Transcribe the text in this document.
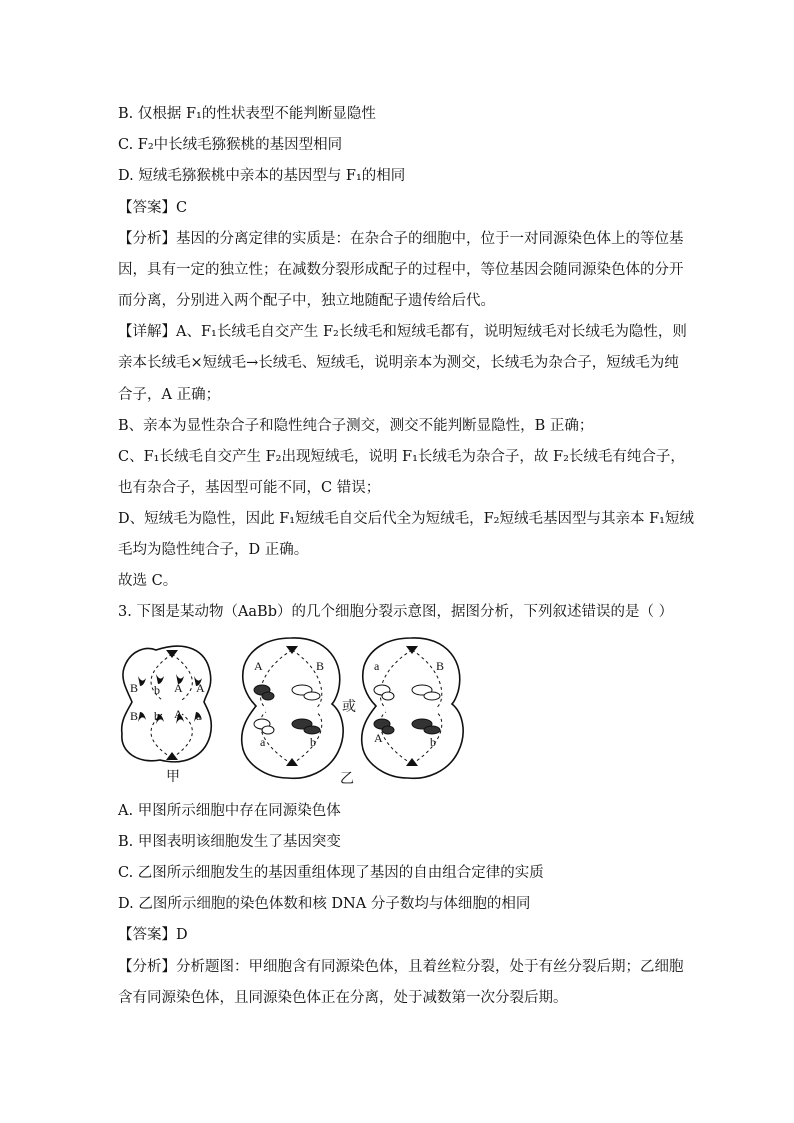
B. 仅根据 F₁的性状表型不能判断显隐性
C. F₂中长绒毛猕猴桃的基因型相同
D. 短绒毛猕猴桃中亲本的基因型与 F₁的相同
【答案】C
【分析】基因的分离定律的实质是：在杂合子的细胞中，位于一对同源染色体上的等位基
因，具有一定的独立性；在减数分裂形成配子的过程中，等位基因会随同源染色体的分开
而分离，分别进入两个配子中，独立地随配子遗传给后代。
【详解】A、F₁长绒毛自交产生 F₂长绒毛和短绒毛都有，说明短绒毛对长绒毛为隐性，则
亲本长绒毛×短绒毛→长绒毛、短绒毛，说明亲本为测交，长绒毛为杂合子，短绒毛为纯
合子，A 正确；
B、亲本为显性杂合子和隐性纯合子测交，测交不能判断显隐性，B 正确；
C、F₁长绒毛自交产生 F₂出现短绒毛，说明 F₁长绒毛为杂合子，故 F₂长绒毛有纯合子，
也有杂合子，基因型可能不同，C 错误；
D、短绒毛为隐性，因此 F₁短绒毛自交后代全为短绒毛，F₂短绒毛基因型与其亲本 F₁短绒
毛均为隐性纯合子，D 正确。
故选 C。
3. 下图是某动物（AaBb）的几个细胞分裂示意图，据图分析，下列叙述错误的是（ ）
B b A A
B b A a
A	B
a	b
a	B
A	b
甲
或
乙
A. 甲图所示细胞中存在同源染色体
B. 甲图表明该细胞发生了基因突变
C. 乙图所示细胞发生的基因重组体现了基因的自由组合定律的实质
D. 乙图所示细胞的染色体数和核 DNA 分子数均与体细胞的相同
【答案】D
【分析】分析题图：甲细胞含有同源染色体，且着丝粒分裂，处于有丝分裂后期；乙细胞
含有同源染色体，且同源染色体正在分离，处于减数第一次分裂后期。
